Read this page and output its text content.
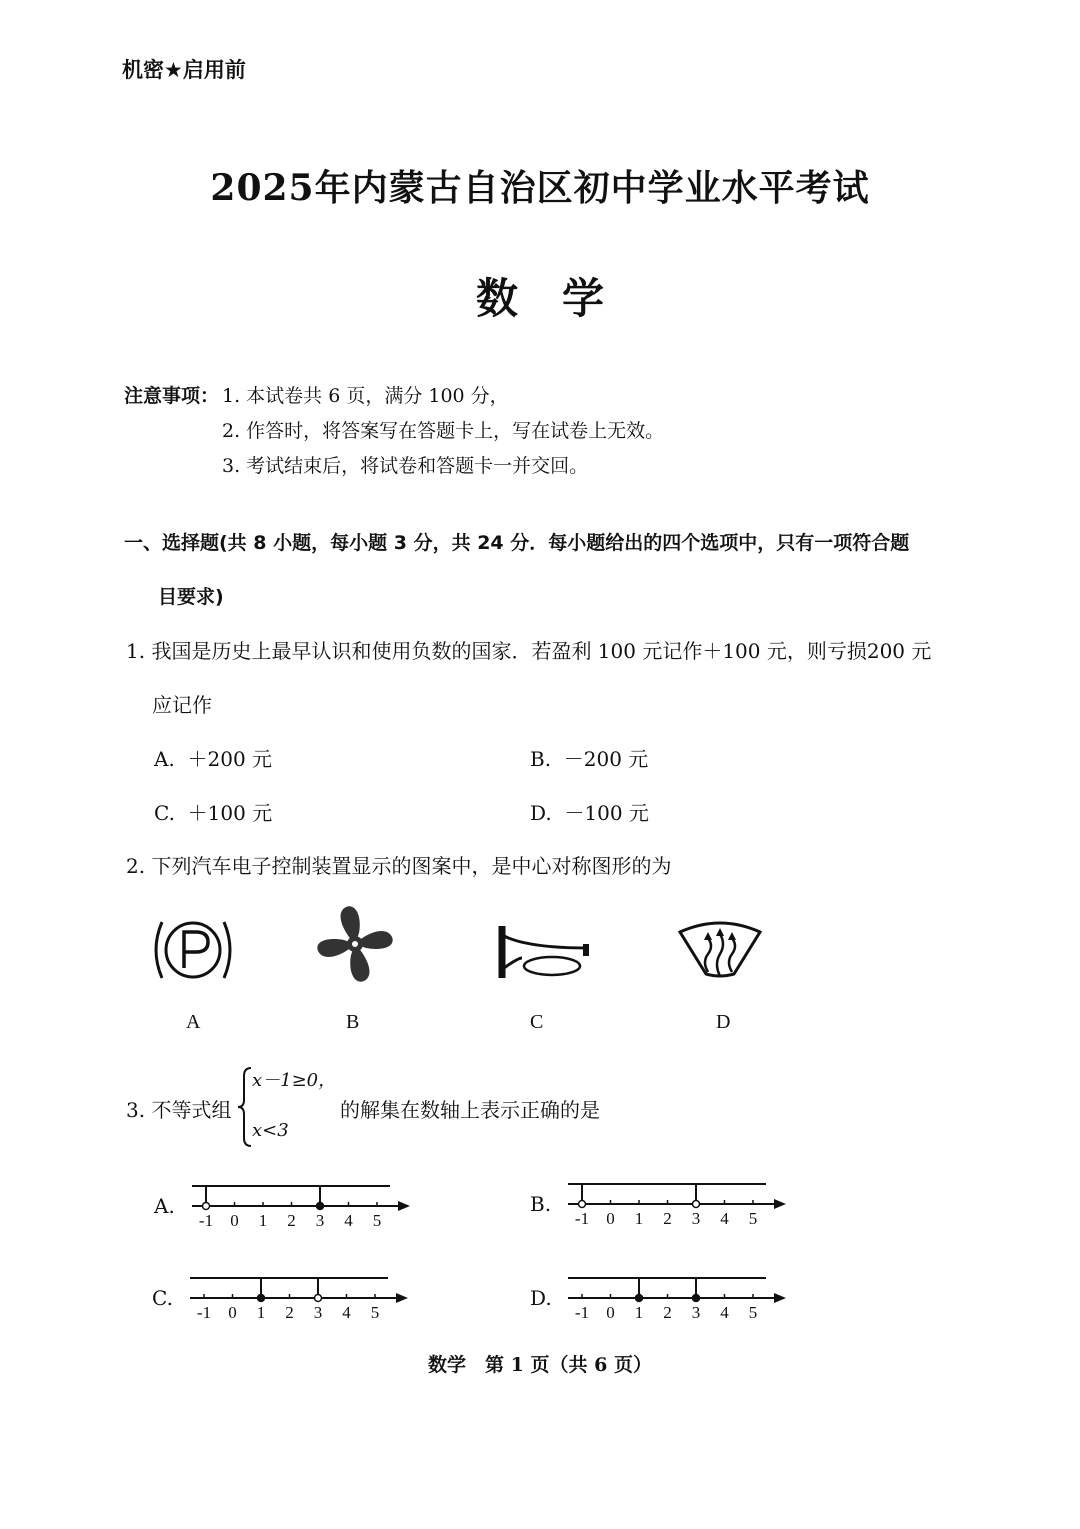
机密★启用前
2025年内蒙古自治区初中学业水平考试
数学
注意事项： 1. 本试卷共 6 页，满分 100 分，
2. 作答时，将答案写在答题卡上，写在试卷上无效。
3. 考试结束后，将试卷和答题卡一并交回。
一、选择题(共 8 小题，每小题 3 分，共 24 分．每小题给出的四个选项中，只有一项符合题
目要求)
1. 我国是历史上最早认识和使用负数的国家．若盈利 100 元记作＋100 元，则亏损200 元
应记作
A. ＋200 元	B. －200 元
C. ＋100 元	D. －100 元
2. 下列汽车电子控制装置显示的图案中，是中心对称图形的为
A	B	C	D
3. 不等式组
x－1≥0，
x<3
的解集在数轴上表示正确的是
A.	B.
C.	D.
-1 0 1 2 3 4 5	-1 0 1 2 3 4 5
-1 0 1 2 3 4 5	-1 0 1 2 3 4 5
数学　第 1 页（共 6 页）
